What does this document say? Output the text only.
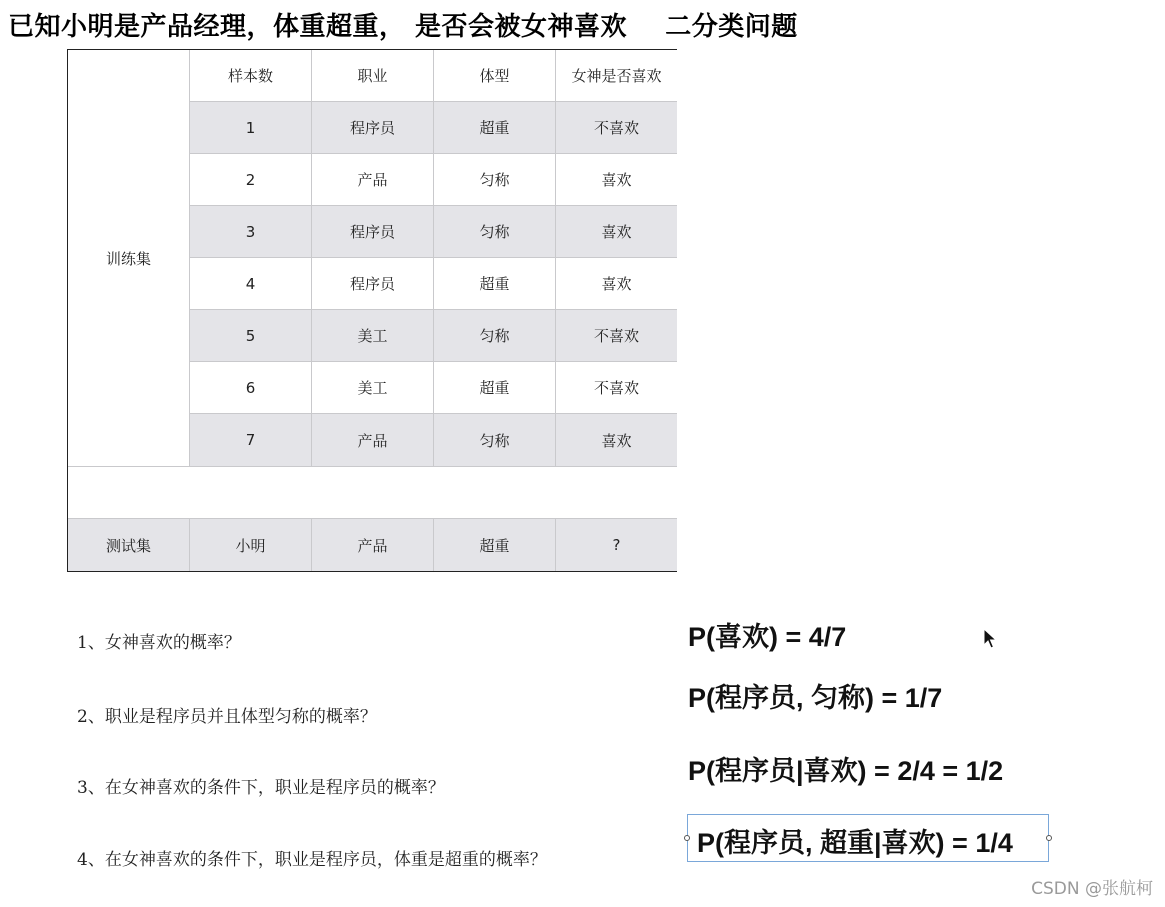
已知小明是产品经理，体重超重， 是否会被女神喜欢    二分类问题
样本数	职业	体型	女神是否喜欢
训练集
1	程序员	超重	不喜欢
2	产品	匀称	喜欢
3	程序员	匀称	喜欢
4	程序员	超重	喜欢
5	美工	匀称	不喜欢
6	美工	超重	不喜欢
7	产品	匀称	喜欢
测试集	小明	产品	超重	?
1、女神喜欢的概率？
2、职业是程序员并且体型匀称的概率？
3、在女神喜欢的条件下，职业是程序员的概率？
4、在女神喜欢的条件下，职业是程序员，体重是超重的概率？
P(喜欢) = 4/7
P(程序员, 匀称) = 1/7
P(程序员|喜欢) = 2/4 = 1/2
P(程序员, 超重|喜欢) = 1/4
CSDN @张航柯
